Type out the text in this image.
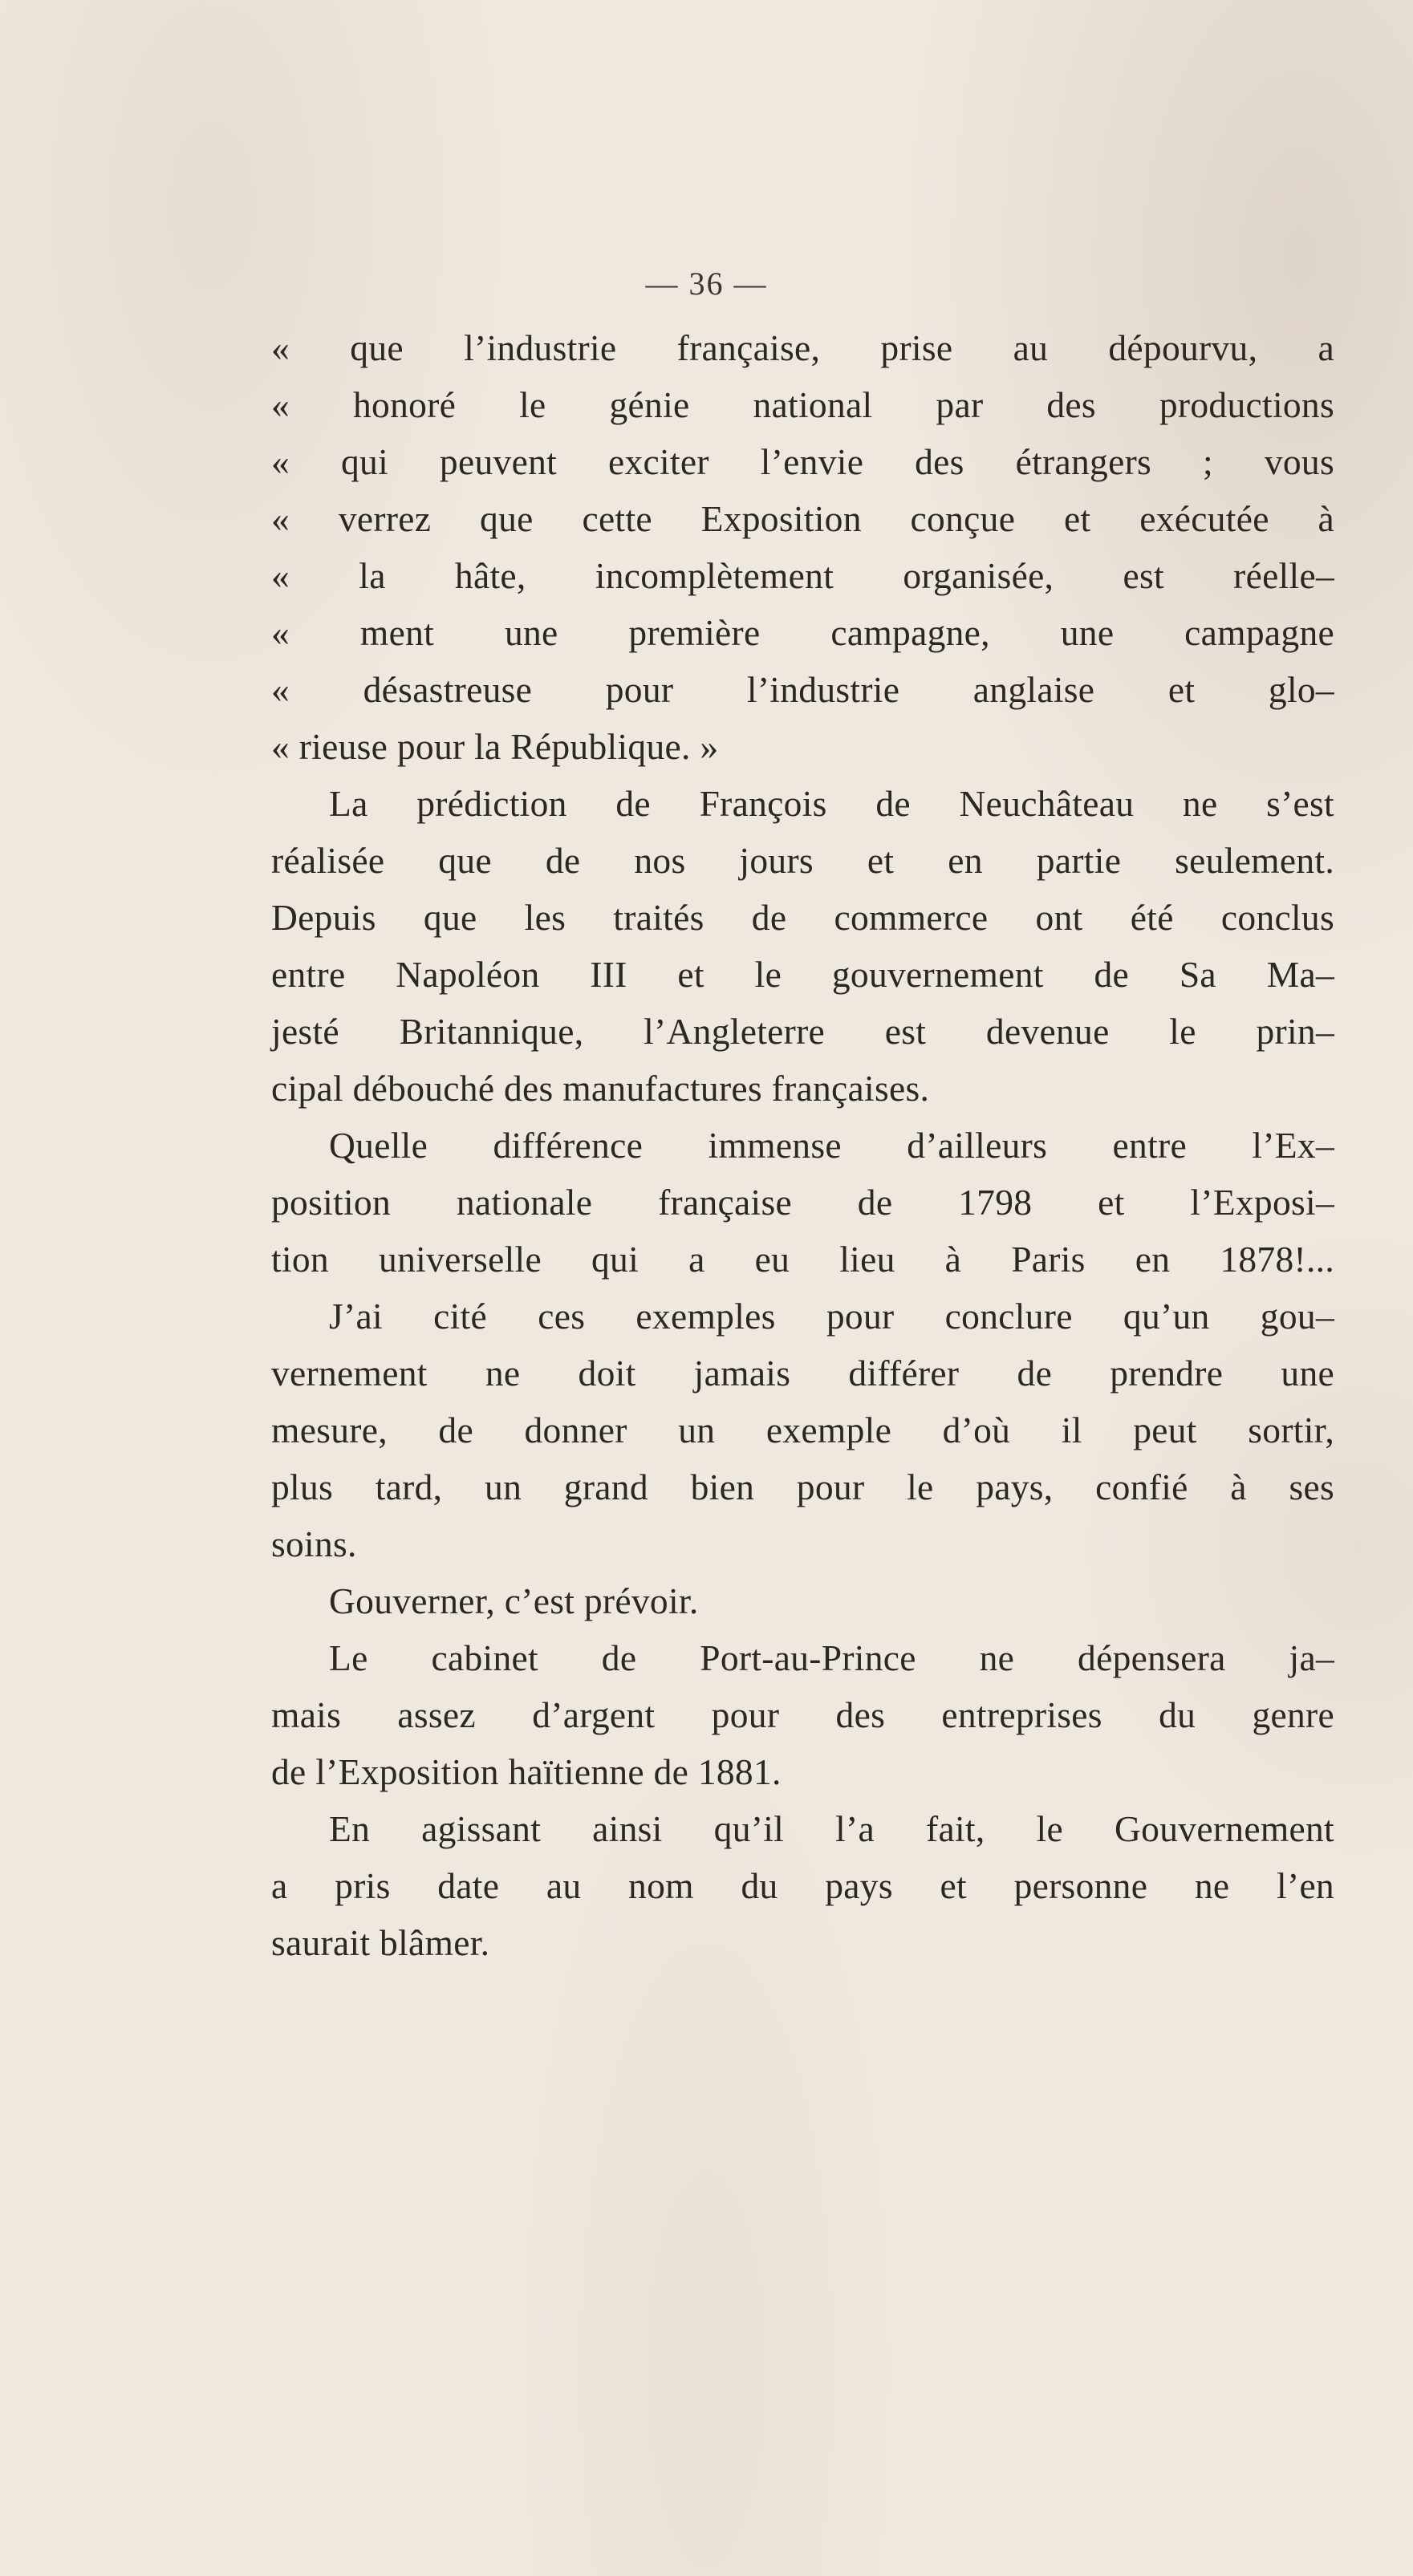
— 36 —
« que l’industrie française, prise au dépourvu, a
« honoré le génie national par des productions
« qui peuvent exciter l’envie des étrangers ; vous
« verrez que cette Exposition conçue et exécutée à
« la hâte, incomplètement organisée, est réelle–
« ment une première campagne, une campagne
« désastreuse pour l’industrie anglaise et glo–
« rieuse pour la République. »
La prédiction de François de Neuchâteau ne s’est
réalisée que de nos jours et en partie seulement.
Depuis que les traités de commerce ont été conclus
entre Napoléon III et le gouvernement de Sa Ma–
jesté Britannique, l’Angleterre est devenue le prin–
cipal débouché des manufactures françaises.
Quelle différence immense d’ailleurs entre l’Ex–
position nationale française de 1798 et l’Exposi–
tion universelle qui a eu lieu à Paris en 1878!...
J’ai cité ces exemples pour conclure qu’un gou–
vernement ne doit jamais différer de prendre une
mesure, de donner un exemple d’où il peut sortir,
plus tard, un grand bien pour le pays, confié à ses
soins.
Gouverner, c’est prévoir.
Le cabinet de Port-au-Prince ne dépensera ja–
mais assez d’argent pour des entreprises du genre
de l’Exposition haïtienne de 1881.
En agissant ainsi qu’il l’a fait, le Gouvernement
a pris date au nom du pays et personne ne l’en
saurait blâmer.
